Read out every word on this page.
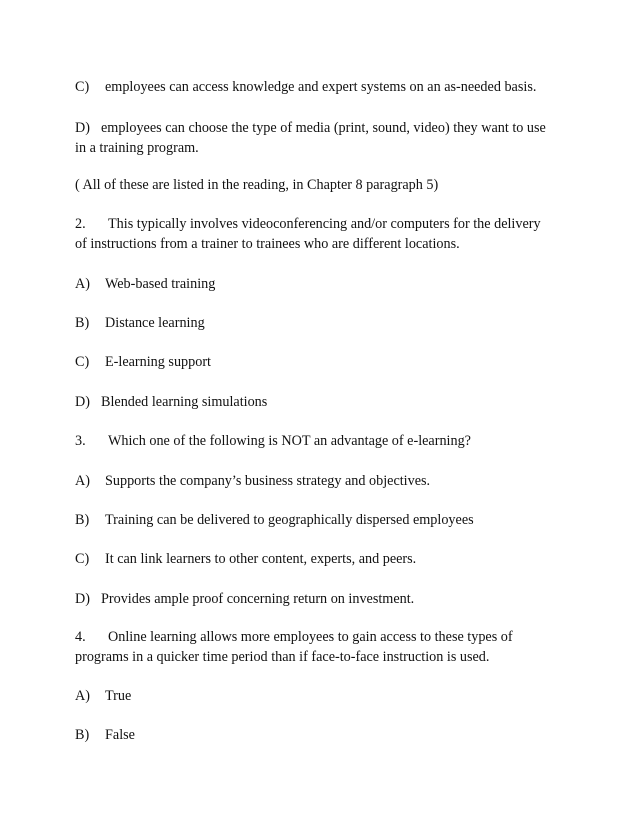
C) employees can access knowledge and expert systems on an as-needed basis.
D) employees can choose the type of media (print, sound, video) they want to use
in a training program.
( All of these are listed in the reading, in Chapter 8 paragraph 5)
2. This typically involves videoconferencing and/or computers for the delivery
of instructions from a trainer to trainees who are different locations.
A) Web-based training
B) Distance learning
C) E-learning support
D) Blended learning simulations
3. Which one of the following is NOT an advantage of e-learning?
A) Supports the company’s business strategy and objectives.
B) Training can be delivered to geographically dispersed employees
C) It can link learners to other content, experts, and peers.
D) Provides ample proof concerning return on investment.
4. Online learning allows more employees to gain access to these types of
programs in a quicker time period than if face-to-face instruction is used.
A) True
B) False
